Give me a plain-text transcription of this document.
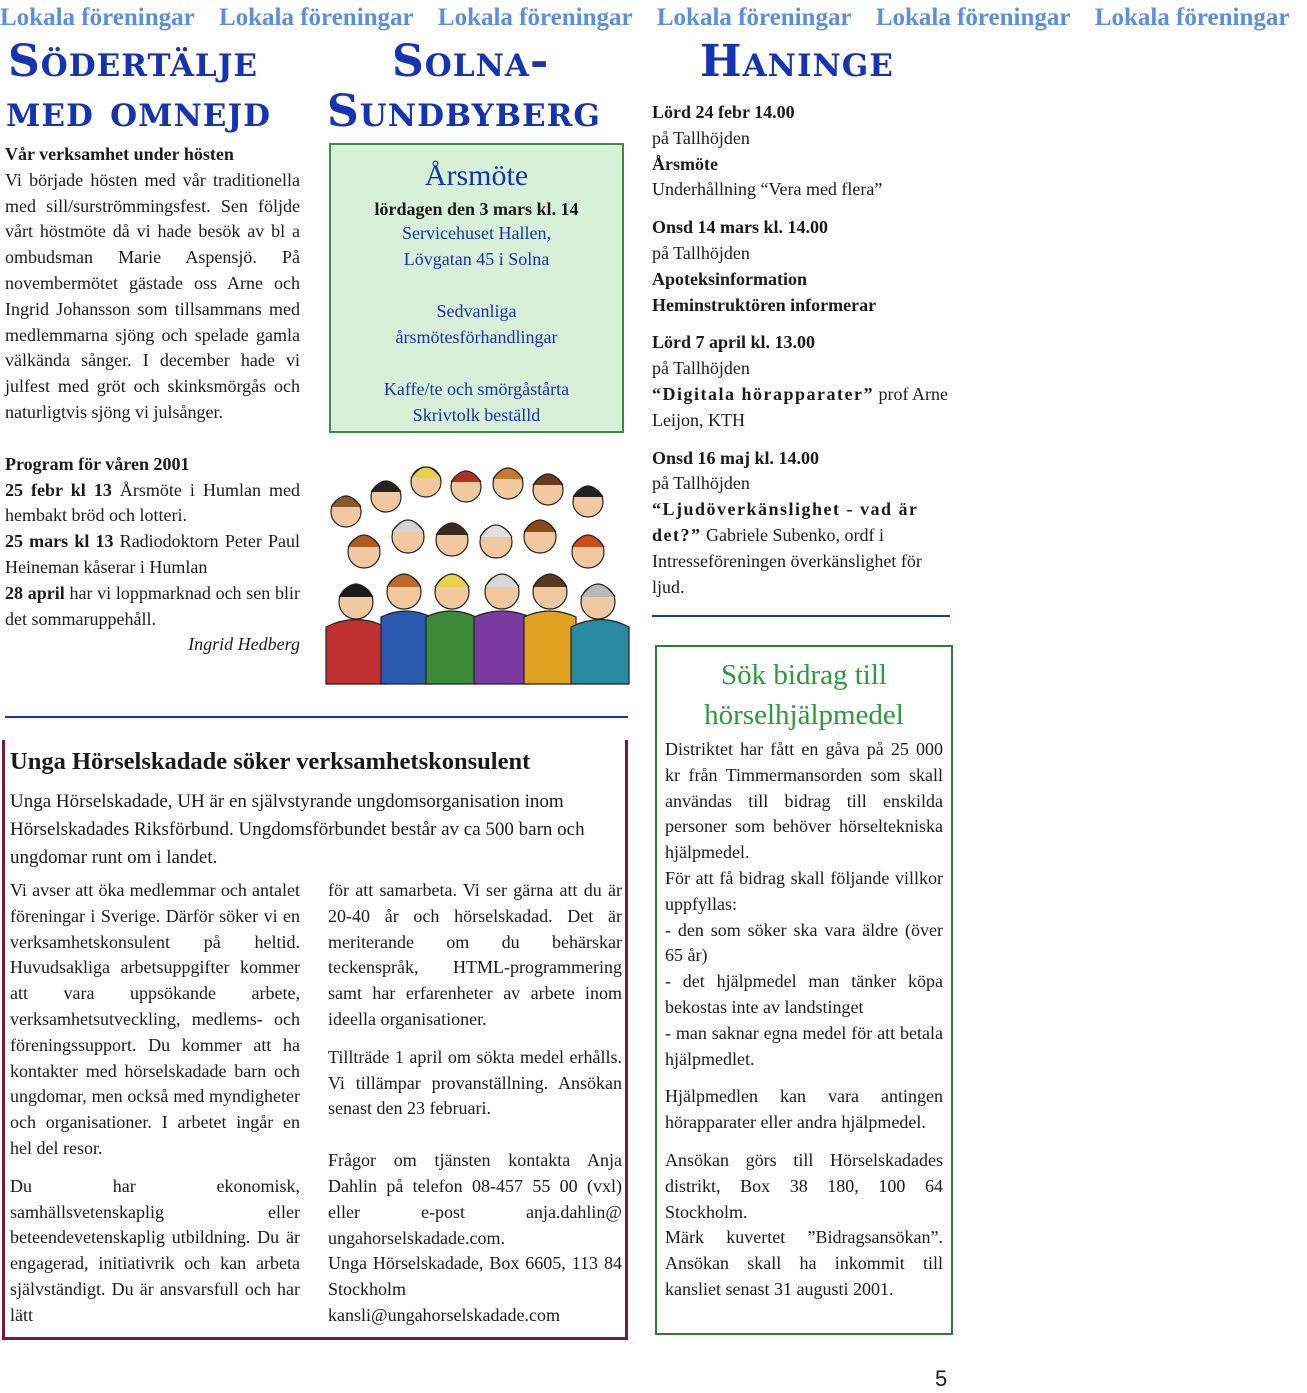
Lokala föreningar Lokala föreningar Lokala föreningar Lokala föreningar Lokala föreningar Lokala föreningar
Södertälje
med omnejd

Vår verksamhet under hösten

Vi började hösten med vår traditionella med sill/surströmmingsfest. Sen följde vårt höstmöte då vi hade besök av bl a ombudsman Marie Aspensjö. På novembermötet gästade oss Arne och Ingrid Johansson som tillsammans med medlemmarna sjöng och spelade gamla välkända sånger. I december hade vi julfest med gröt och skinksmörgås och naturligtvis sjöng vi julsånger.

Program för våren 2001

25 febr kl 13 Årsmöte i Humlan med hembakt bröd och lotteri.

25 mars kl 13 Radiodoktorn Peter Paul Heineman kåserar i Humlan

28 april har vi loppmarknad och sen blir det sommaruppehåll.

Ingrid Hedberg

Solna-
Sundbyberg
Årsmöte
lördagen den 3 mars kl. 14
Servicehuset Hallen,
Lövgatan 45 i Solna
Sedvanliga
årsmötesförhandlingar
Kaffe/te och smörgåstårta
Skrivtolk beställd
Haninge

Lörd 24 febr 14.00

på Tallhöjden

Årsmöte

Underhållning “Vera med flera”

Onsd 14 mars kl. 14.00

på Tallhöjden

Apoteksinformation

Heminstruktören informerar

Lörd 7 april kl. 13.00

på Tallhöjden

“Digitala hörapparater” prof Arne Leijon, KTH

Onsd 16 maj kl. 14.00

på Tallhöjden

“Ljudöverkänslighet - vad är det?” Gabriele Subenko, ordf i Intresseföreningen överkänslighet för ljud.

Sök bidrag till
hörselhjälpmedel

Distriktet har fått en gåva på 25 000 kr från Timmermansorden som skall användas till bidrag till enskilda personer som behöver hörseltekniska hjälpmedel.

För att få bidrag skall följande villkor uppfyllas:

- den som söker ska vara äldre (över 65 år)

- det hjälpmedel man tänker köpa bekostas inte av landstinget

- man saknar egna medel för att betala hjälpmedlet.

Hjälpmedlen kan vara antingen hörapparater eller andra hjälpmedel.

Ansökan görs till Hörselskadades distrikt, Box 38 180, 100 64 Stockholm.

Märk kuvertet ”Bidragsansökan”. Ansökan skall ha inkommit till kansliet senast 31 augusti 2001.

Unga Hörselskadade söker verksamhetskonsulent
Unga Hörselskadade, UH är en självstyrande ungdomsorganisation inom Hörselskadades Riksförbund. Ungdomsförbundet består av ca 500 barn och ungdomar runt om i landet.

Vi avser att öka medlemmar och antalet föreningar i Sverige. Därför söker vi en verksamhetskonsulent på heltid. Huvudsakliga arbetsuppgifter kommer att vara uppsökande arbete, verksamhetsutveckling, medlems- och föreningssupport. Du kommer att ha kontakter med hörselskadade barn och ungdomar, men också med myndigheter och organisationer. I arbetet ingår en hel del resor.

Du har ekonomisk, samhällsvetenskaplig eller beteendevetenskaplig utbildning. Du är engagerad, initiativrik och kan arbeta självständigt. Du är ansvarsfull och har lätt

för att samarbeta. Vi ser gärna att du är 20-40 år och hörselskadad. Det är meriterande om du behärskar teckenspråk, HTML-programmering samt har erfarenheter av arbete inom ideella organisationer.

Tillträde 1 april om sökta medel erhålls. Vi tillämpar provanställning. Ansökan senast den 23 februari.

Frågor om tjänsten kontakta Anja Dahlin på telefon 08-457 55 00 (vxl) eller e-post anja.dahlin@ ungahorselskadade.com.

Unga Hörselskadade, Box 6605, 113 84 Stockholm

kansli@ungahorselskadade.com

5
